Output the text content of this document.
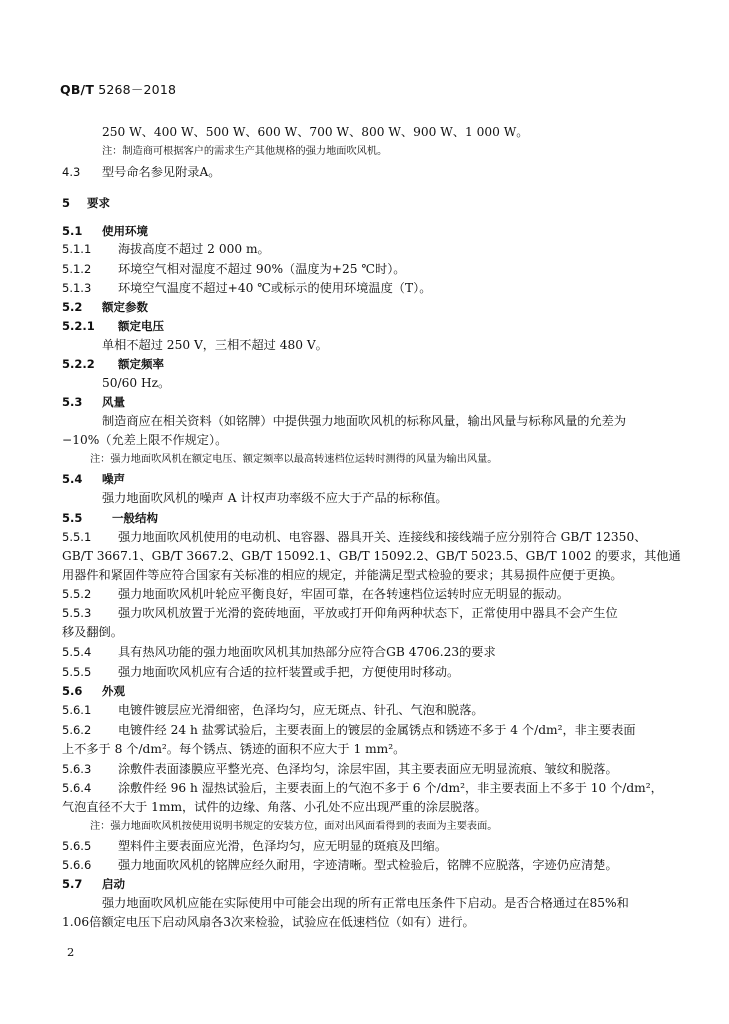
QB/T 5268－2018
250 W、400 W、500 W、600 W、700 W、800 W、900 W、1 000 W。
注：制造商可根据客户的需求生产其他规格的强力地面吹风机。
4.3 型号命名参见附录A。
5 要求
5.1 使用环境
5.1.1 海拔高度不超过 2 000 m。
5.1.2 环境空气相对湿度不超过 90%（温度为+25 ℃时）。
5.1.3 环境空气温度不超过+40 ℃或标示的使用环境温度（T）。
5.2 额定参数
5.2.1 额定电压
单相不超过 250 V，三相不超过 480 V。
5.2.2 额定频率
50/60 Hz。
5.3 风量
制造商应在相关资料（如铭牌）中提供强力地面吹风机的标称风量，输出风量与标称风量的允差为
−10%（允差上限不作规定）。
注：强力地面吹风机在额定电压、额定频率以最高转速档位运转时测得的风量为输出风量。
5.4 噪声
强力地面吹风机的噪声 A 计权声功率级不应大于产品的标称值。
5.5	一般结构
5.5.1 强力地面吹风机使用的电动机、电容器、器具开关、连接线和接线端子应分别符合 GB/T 12350、
GB/T 3667.1、GB/T 3667.2、GB/T 15092.1、GB/T 15092.2、GB/T 5023.5、GB/T 1002 的要求，其他通
用器件和紧固件等应符合国家有关标准的相应的规定，并能满足型式检验的要求；其易损件应便于更换。
5.5.2 强力地面吹风机叶轮应平衡良好，牢固可靠，在各转速档位运转时应无明显的振动。
5.5.3 强力吹风机放置于光滑的瓷砖地面，平放或打开仰角两种状态下，正常使用中器具不会产生位
移及翻倒。
5.5.4 具有热风功能的强力地面吹风机其加热部分应符合GB 4706.23的要求
5.5.5 强力地面吹风机应有合适的拉杆装置或手把，方便使用时移动。
5.6 外观
5.6.1 电镀件镀层应光滑细密，色泽均匀，应无斑点、针孔、气泡和脱落。
5.6.2 电镀件经 24 h 盐雾试验后，主要表面上的镀层的金属锈点和锈迹不多于 4 个/dm²，非主要表面
上不多于 8 个/dm²。每个锈点、锈迹的面积不应大于 1 mm²。
5.6.3 涂敷件表面漆膜应平整光亮、色泽均匀，涂层牢固，其主要表面应无明显流痕、皱纹和脱落。
5.6.4 涂敷件经 96 h 湿热试验后，主要表面上的气泡不多于 6 个/dm²，非主要表面上不多于 10 个/dm²，
气泡直径不大于 1mm，试件的边缘、角落、小孔处不应出现严重的涂层脱落。
注：强力地面吹风机按使用说明书规定的安装方位，面对出风面看得到的表面为主要表面。
5.6.5 塑料件主要表面应光滑，色泽均匀，应无明显的斑痕及凹缩。
5.6.6 强力地面吹风机的铭牌应经久耐用，字迹清晰。型式检验后，铭牌不应脱落，字迹仍应清楚。
5.7 启动
强力地面吹风机应能在实际使用中可能会出现的所有正常电压条件下启动。是否合格通过在85%和
1.06倍额定电压下启动风扇各3次来检验，试验应在低速档位（如有）进行。
2
